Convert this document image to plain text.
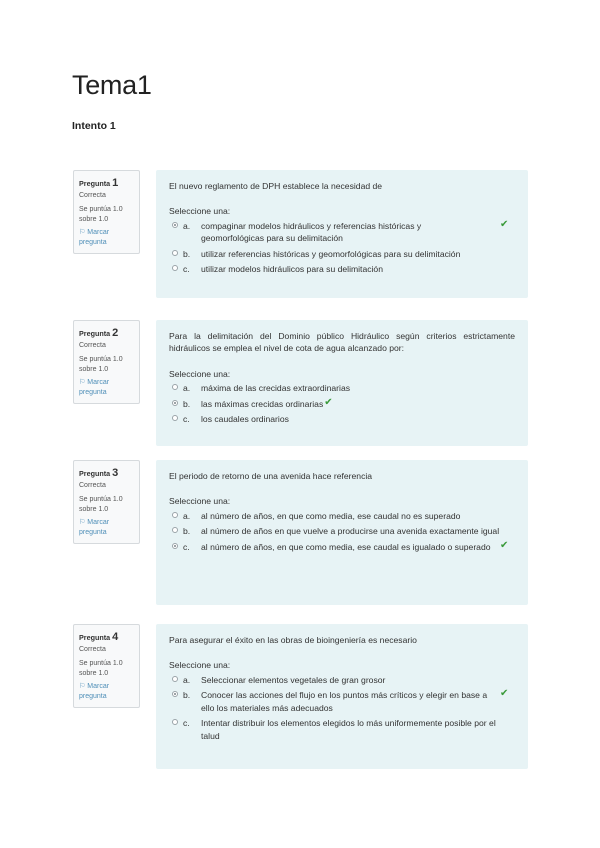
Tema1
Intento 1
Pregunta 1
Correcta
Se puntúa 1.0 sobre 1.0
⚐ Marcar pregunta
El nuevo reglamento de DPH establece la necesidad de
Seleccione una:
a.	compaginar modelos hidráulicos y referencias históricas y geomorfológicas para su delimitación
✔
b.	utilizar referencias históricas y geomorfológicas para su delimitación
c.	utilizar modelos hidráulicos para su delimitación
Pregunta 2
Correcta
Se puntúa 1.0 sobre 1.0
⚐ Marcar pregunta
Para la delimitación del Dominio público Hidráulico según criterios estrictamente hidráulicos se emplea el nivel de cota de agua alcanzado por:
Seleccione una:
a.	máxima de las crecidas extraordinarias
b.	las máximas crecidas ordinarias ✔
c.	los caudales ordinarios
Pregunta 3
Correcta
Se puntúa 1.0 sobre 1.0
⚐ Marcar pregunta
El periodo de retorno de una avenida hace referencia
Seleccione una:
a.	al número de años, en que como media, ese caudal no es superado
b.	al número de años en que vuelve a producirse una avenida exactamente igual
c.	al número de años, en que como media, ese caudal es igualado o superado ✔
Pregunta 4
Correcta
Se puntúa 1.0 sobre 1.0
⚐ Marcar pregunta
Para asegurar el éxito en las obras de bioingeniería es necesario
Seleccione una:
a.	Seleccionar elementos vegetales de gran grosor
b.	Conocer las acciones del flujo en los puntos más críticos y elegir en base a ello los materiales más adecuados
✔
c.	Intentar distribuir los elementos elegidos lo más uniformemente posible por el talud
